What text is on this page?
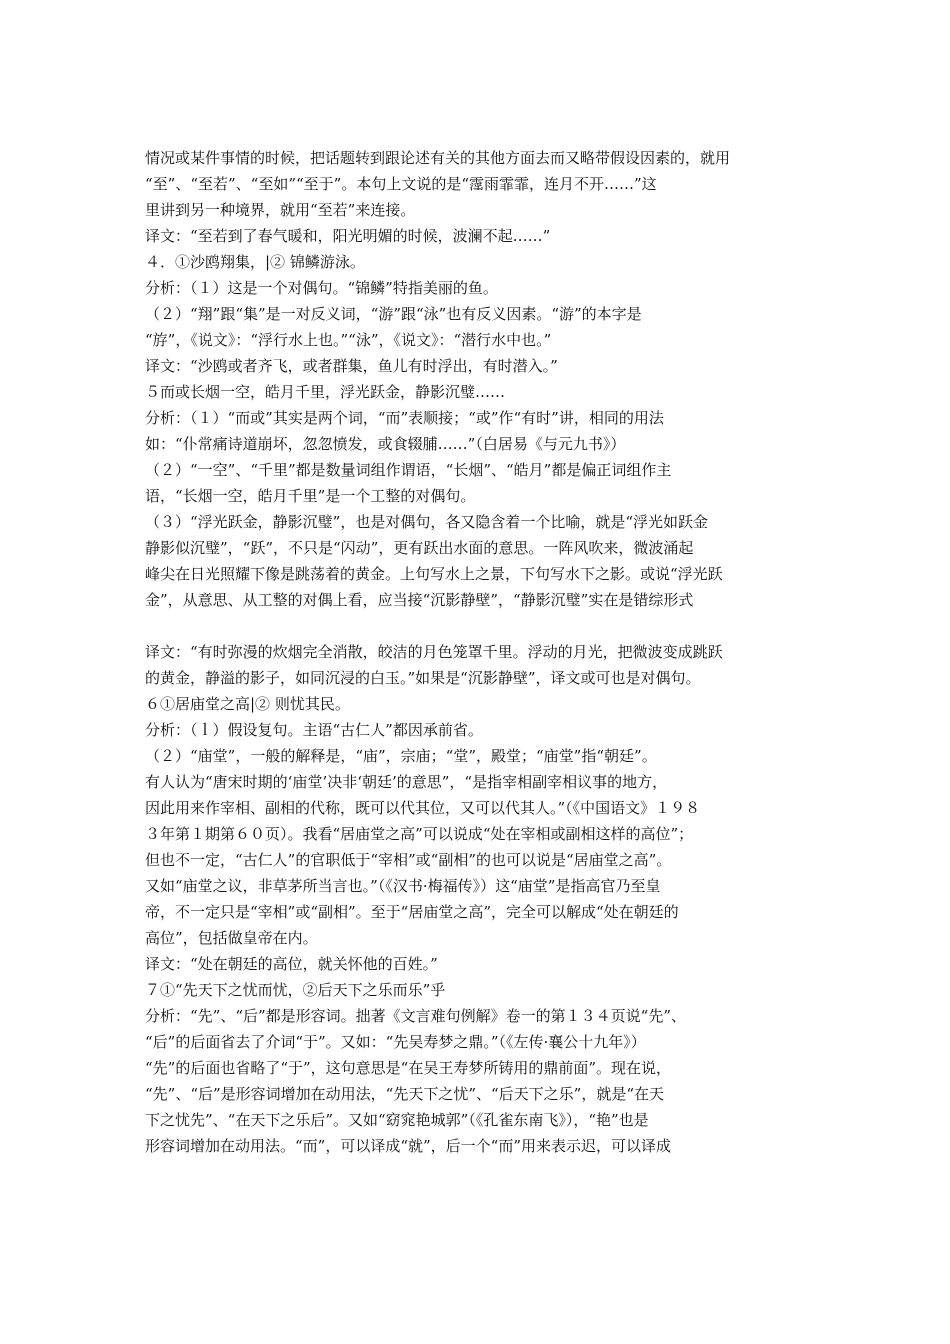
情况或某件事情的时候，把话题转到跟论述有关的其他方面去而又略带假设因素的，就用
“至”、“至若”、“至如”“至于”。本句上文说的是“霪雨霏霏，连月不开……”这
里讲到另一种境界，就用“至若”来连接。
译文：“至若到了春气暖和，阳光明媚的时候，波澜不起……”
４．①沙鸥翔集，|② 锦鳞游泳。
分析：（１）这是一个对偶句。“锦鳞”特指美丽的鱼。
（２）“翔”跟“集”是一对反义词，“游”跟“泳”也有反义因素。“游”的本字是
“斿”，《说文》：“浮行水上也。”“泳”，《说文》：“潜行水中也。”
译文：“沙鸥或者齐飞，或者群集，鱼儿有时浮出，有时潜入。”
５而或长烟一空，皓月千里，浮光跃金，静影沉璧……
分析：（１）“而或”其实是两个词，“而”表顺接；“或”作“有时”讲，相同的用法
如：“仆常痛诗道崩坏，忽忽愤发，或食辍脯……”（白居易《与元九书》）
（２）“一空”、“千里”都是数量词组作谓语，“长烟”、“皓月”都是偏正词组作主
语，“长烟一空，皓月千里”是一个工整的对偶句。
（３）“浮光跃金，静影沉璧”，也是对偶句，各又隐含着一个比喻，就是“浮光如跃金
静影似沉璧”，“跃”，不只是“闪动”，更有跃出水面的意思。一阵风吹来，微波涌起
峰尖在日光照耀下像是跳荡着的黄金。上句写水上之景，下句写水下之影。或说“浮光跃
金”，从意思、从工整的对偶上看，应当接“沉影静壁”，“静影沉璧”实在是错综形式
译文：“有时弥漫的炊烟完全消散，皎洁的月色笼罩千里。浮动的月光，把微波变成跳跃
的黄金，静溢的影子，如同沉浸的白玉。”如果是“沉影静壁”，译文或可也是对偶句。
６①居庙堂之高|② 则忧其民。
分析：（ｌ）假设复句。主语“古仁人”都因承前省。
（２）“庙堂”，一般的解释是，“庙”，宗庙；“堂”，殿堂；“庙堂”指“朝廷”。
有人认为“唐宋时期的‘庙堂’决非‘朝廷’的意思”，“是指宰相副宰相议事的地方，
因此用来作宰相、副相的代称，既可以代其位，又可以代其人。”（《中国语文》１９８
３年第１期第６０页）。我看“居庙堂之高”可以说成“处在宰相或副相这样的高位”；
但也不一定，“古仁人”的官职低于“宰相”或“副相”的也可以说是“居庙堂之高”。
又如“庙堂之议，非草茅所当言也。”（《汉书·梅福传》）这“庙堂”是指高官乃至皇
帝，不一定只是“宰相”或“副相”。至于“居庙堂之高”，完全可以解成“处在朝廷的
高位”，包括做皇帝在内。
译文：“处在朝廷的高位，就关怀他的百姓。”
７①“先天下之忧而忧，②后天下之乐而乐”乎
分析：“先”、“后”都是形容词。拙著《文言难句例解》卷一的第１３４页说“先”、
“后”的后面省去了介词“于”。又如：“先吴寿梦之鼎。”（《左传·襄公十九年》）
“先”的后面也省略了“于”，这句意思是“在吴王寿梦所铸用的鼎前面”。现在说，
“先”、“后”是形容词增加在动用法，“先天下之忧”、“后天下之乐”，就是“在天
下之忧先”、“在天下之乐后”。又如“窈窕艳城郭”（《孔雀东南飞》），“艳”也是
形容词增加在动用法。“而”，可以译成“就”，后一个“而”用来表示迟，可以译成
